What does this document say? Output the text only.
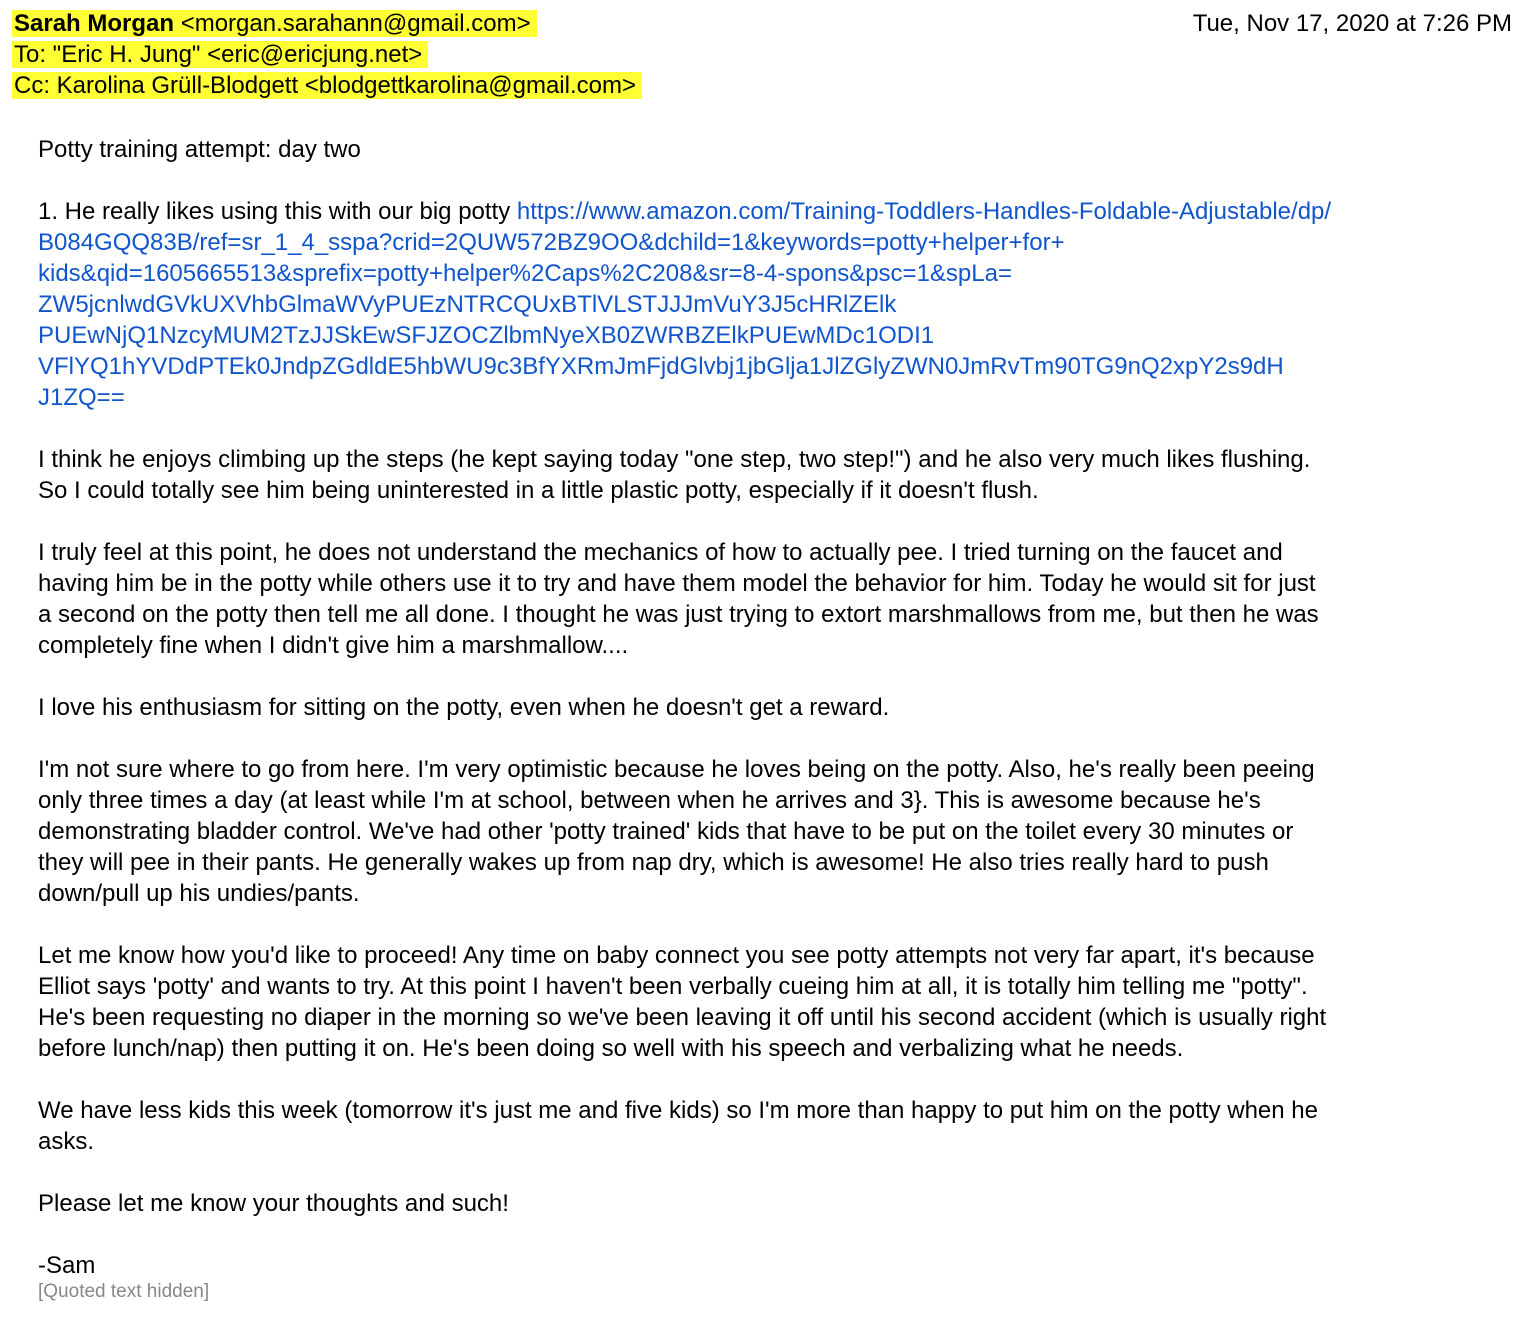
Sarah Morgan <morgan.sarahann@gmail.com>
To: "Eric H. Jung" <eric@ericjung.net>
Cc: Karolina Grüll-Blodgett <blodgettkarolina@gmail.com>
Tue, Nov 17, 2020 at 7:26 PM

Potty training attempt: day two

1. He really likes using this with our big potty https://www.amazon.com/Training-Toddlers-Handles-Foldable-Adjustable/dp/
B084GQQ83B/ref=sr_1_4_sspa?crid=2QUW572BZ9OO&dchild=1&keywords=potty+helper+for+
kids&qid=1605665513&sprefix=potty+helper%2Caps%2C208&sr=8-4-spons&psc=1&spLa=
ZW5jcnlwdGVkUXVhbGlmaWVyPUEzNTRCQUxBTlVLSTJJJmVuY3J5cHRlZElk
PUEwNjQ1NzcyMUM2TzJJSkEwSFJZOCZlbmNyeXB0ZWRBZElkPUEwMDc1ODI1
VFlYQ1hYVDdPTEk0JndpZGdldE5hbWU9c3BfYXRmJmFjdGlvbj1jbGlja1JlZGlyZWN0JmRvTm90TG9nQ2xpY2s9dH
J1ZQ==

I think he enjoys climbing up the steps (he kept saying today "one step, two step!") and he also very much likes flushing.
So I could totally see him being uninterested in a little plastic potty, especially if it doesn't flush.

I truly feel at this point, he does not understand the mechanics of how to actually pee. I tried turning on the faucet and
having him be in the potty while others use it to try and have them model the behavior for him. Today he would sit for just
a second on the potty then tell me all done. I thought he was just trying to extort marshmallows from me, but then he was
completely fine when I didn't give him a marshmallow....

I love his enthusiasm for sitting on the potty, even when he doesn't get a reward.

I'm not sure where to go from here. I'm very optimistic because he loves being on the potty. Also, he's really been peeing
only three times a day (at least while I'm at school, between when he arrives and 3}. This is awesome because he's
demonstrating bladder control. We've had other 'potty trained' kids that have to be put on the toilet every 30 minutes or
they will pee in their pants. He generally wakes up from nap dry, which is awesome! He also tries really hard to push
down/pull up his undies/pants.

Let me know how you'd like to proceed! Any time on baby connect you see potty attempts not very far apart, it's because
Elliot says 'potty' and wants to try. At this point I haven't been verbally cueing him at all, it is totally him telling me "potty".
He's been requesting no diaper in the morning so we've been leaving it off until his second accident (which is usually right
before lunch/nap) then putting it on. He's been doing so well with his speech and verbalizing what he needs.

We have less kids this week (tomorrow it's just me and five kids) so I'm more than happy to put him on the potty when he
asks.

Please let me know your thoughts and such!

-Sam

[Quoted text hidden]
